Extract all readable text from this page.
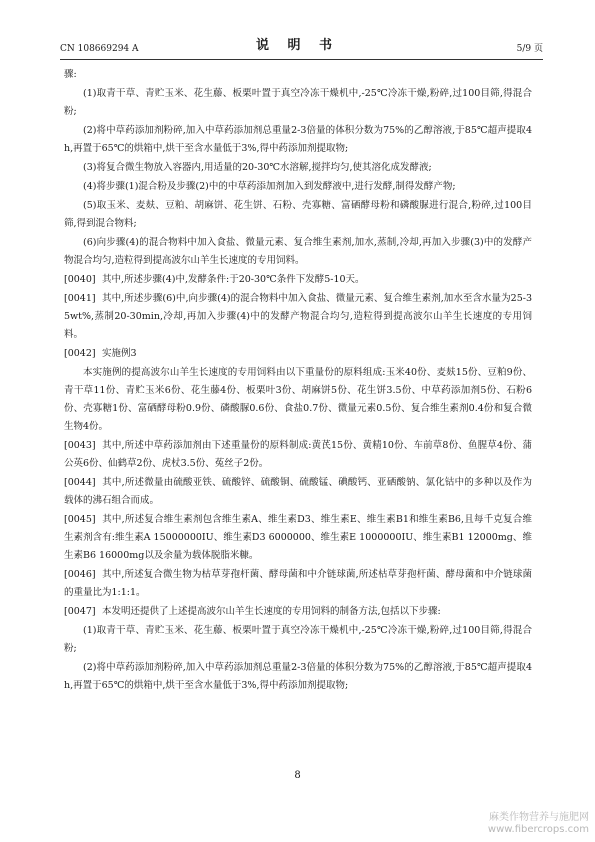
CN 108669294 A	说 明 书	5/9 页

骤:

(1)取青干草、青贮玉米、花生藤、板栗叶置于真空冷冻干燥机中,-25℃冷冻干燥,粉碎,过100目筛,得混合粉;

(2)将中草药添加剂粉碎,加入中草药添加剂总重量2-3倍量的体积分数为75%的乙醇溶液,于85℃超声提取4h,再置于65℃的烘箱中,烘干至含水量低于3%,得中药添加剂提取物;

(3)将复合微生物放入容器内,用适量的20-30℃水溶解,搅拌均匀,使其溶化成发酵液;

(4)将步骤(1)混合粉及步骤(2)中的中草药添加剂加入到发酵液中,进行发酵,制得发酵产物;

(5)取玉米、麦麸、豆粕、胡麻饼、花生饼、石粉、壳寡糖、富硒酵母粉和磷酸脲进行混合,粉碎,过100目筛,得到混合物料;

(6)向步骤(4)的混合物料中加入食盐、微量元素、复合维生素剂,加水,蒸制,冷却,再加入步骤(3)中的发酵产物混合均匀,造粒得到提高波尔山羊生长速度的专用饲料。

[0040] 其中,所述步骤(4)中,发酵条件:于20-30℃条件下发酵5-10天。

[0041] 其中,所述步骤(6)中,向步骤(4)的混合物料中加入食盐、微量元素、复合维生素剂,加水至含水量为25-35wt%,蒸制20-30min,冷却,再加入步骤(4)中的发酵产物混合均匀,造粒得到提高波尔山羊生长速度的专用饲料。

[0042] 实施例3

本实施例的提高波尔山羊生长速度的专用饲料由以下重量份的原料组成:玉米40份、麦麸15份、豆粕9份、青干草11份、青贮玉米6份、花生藤4份、板栗叶3份、胡麻饼5份、花生饼3.5份、中草药添加剂5份、石粉6份、壳寡糖1份、富硒酵母粉0.9份、磷酸脲0.6份、食盐0.7份、微量元素0.5份、复合维生素剂0.4份和复合微生物4份。

[0043] 其中,所述中草药添加剂由下述重量份的原料制成:黄芪15份、黄精10份、车前草8份、鱼腥草4份、蒲公英6份、仙鹤草2份、虎杖3.5份、菟丝子2份。

[0044] 其中,所述微量由硫酸亚铁、硫酸锌、硫酸铜、硫酸锰、碘酸钙、亚硒酸钠、氯化钴中的多种以及作为载体的沸石组合而成。

[0045] 其中,所述复合维生素剂包含维生素A、维生素D3、维生素E、维生素B1和维生素B6,且每千克复合维生素剂含有:维生素A 15000000IU、维生素D3 6000000、维生素E 1000000IU、维生素B1 12000mg、维生素B6 16000mg以及余量为载体脱脂米糠。

[0046] 其中,所述复合微生物为枯草芽孢杆菌、酵母菌和中介链球菌,所述枯草芽孢杆菌、酵母菌和中介链球菌的重量比为1:1:1。

[0047] 本发明还提供了上述提高波尔山羊生长速度的专用饲料的制备方法,包括以下步骤:

(1)取青干草、青贮玉米、花生藤、板栗叶置于真空冷冻干燥机中,-25℃冷冻干燥,粉碎,过100目筛,得混合粉;

(2)将中草药添加剂粉碎,加入中草药添加剂总重量2-3倍量的体积分数为75%的乙醇溶液,于85℃超声提取4h,再置于65℃的烘箱中,烘干至含水量低于3%,得中药添加剂提取物;

8
麻类作物营养与施肥网
www.fibercrops.com
